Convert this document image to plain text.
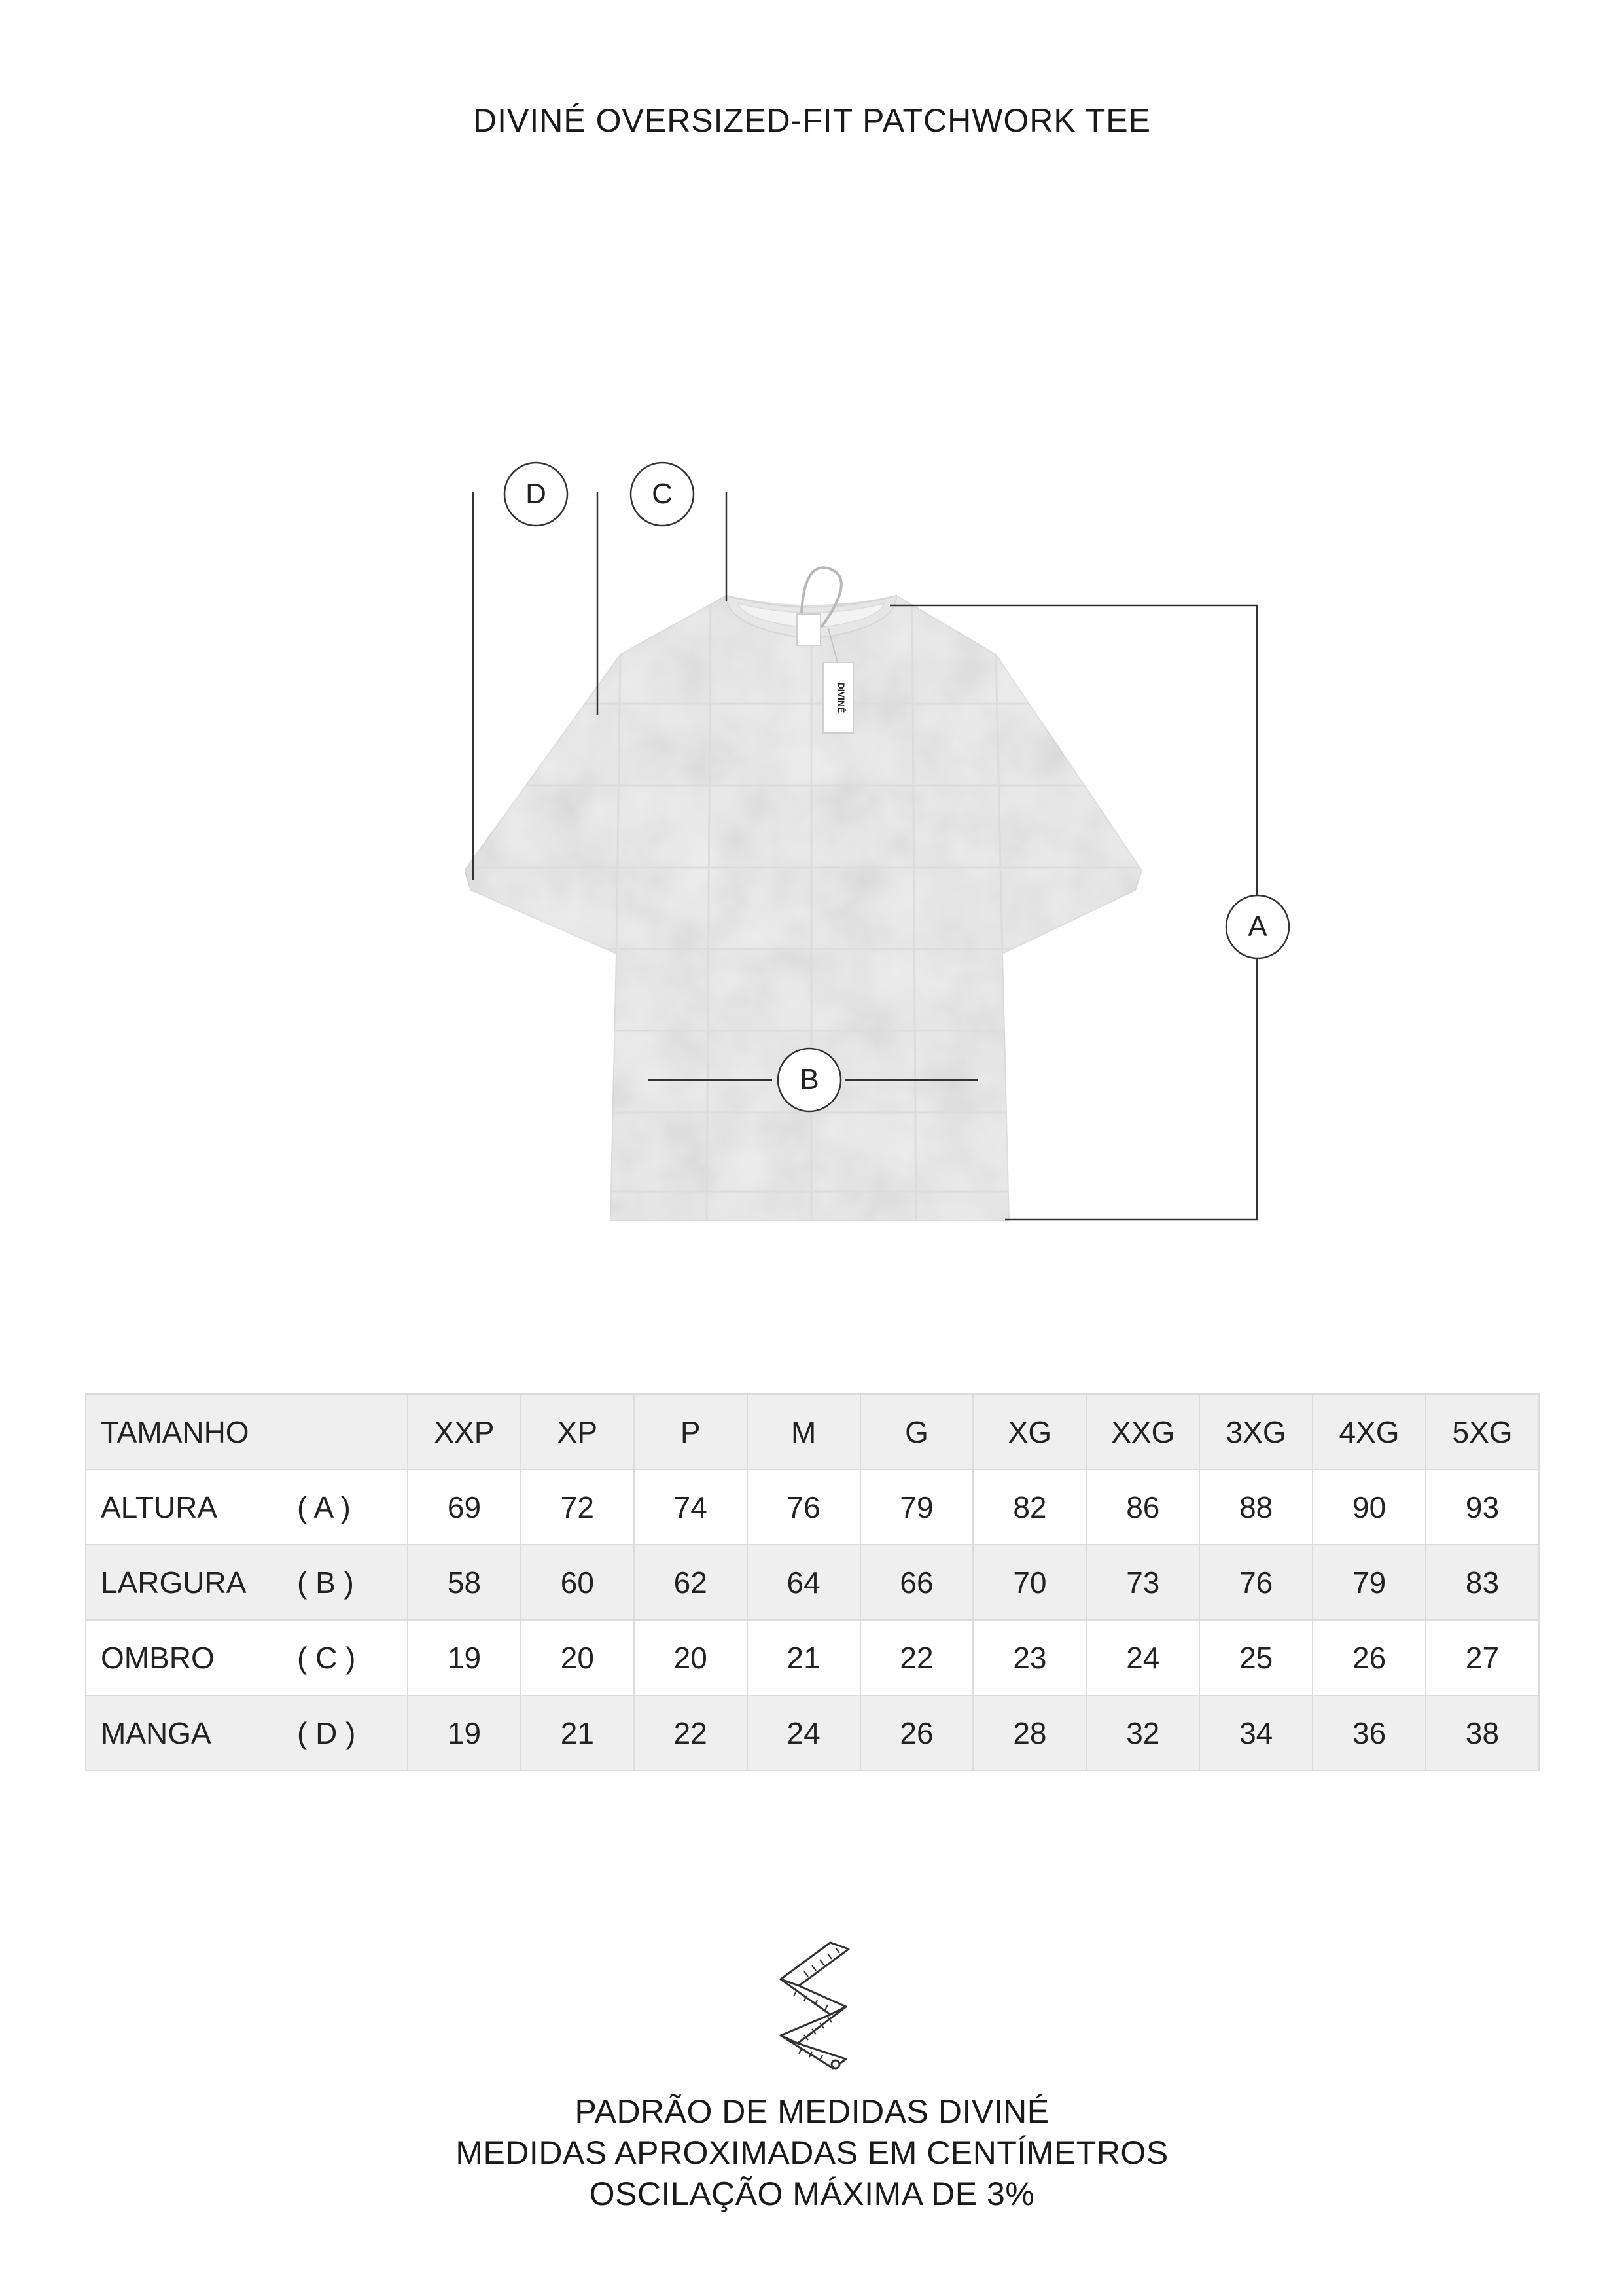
DIVINÉ OVERSIZED-FIT PATCHWORK TEE
DIVINÉ
D	C
A
B
TAMANHO	XXP	XP	P	M	G	XG	XXG	3XG	4XG	5XG
ALTURA ( A )	69	72	74	76	79	82	86	88	90	93
LARGURA ( B )	58	60	62	64	66	70	73	76	79	83
OMBRO ( C )	19	20	20	21	22	23	24	25	26	27
MANGA ( D )	19	21	22	24	26	28	32	34	36	38
PADRÃO DE MEDIDAS DIVINÉ
MEDIDAS APROXIMADAS EM CENTÍMETROS
OSCILAÇÃO MÁXIMA DE 3%
